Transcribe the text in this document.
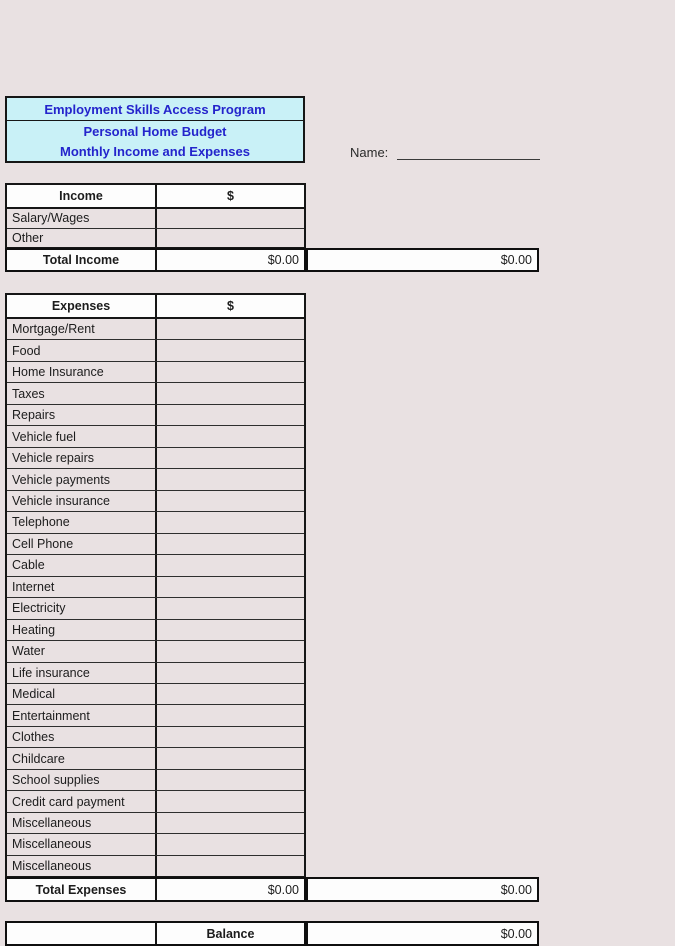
Employment Skills Access Program
Personal Home Budget
Monthly Income and Expenses	Name:
Income	$
Salary/Wages
Other
Total Income	$0.00	$0.00
Expenses	$
Mortgage/Rent
Food
Home Insurance
Taxes
Repairs
Vehicle fuel
Vehicle repairs
Vehicle payments
Vehicle insurance
Telephone
Cell Phone
Cable
Internet
Electricity
Heating
Water
Life insurance
Medical
Entertainment
Clothes
Childcare
School supplies
Credit card payment
Miscellaneous
Miscellaneous
Miscellaneous
Total Expenses	$0.00	$0.00
Balance	$0.00
